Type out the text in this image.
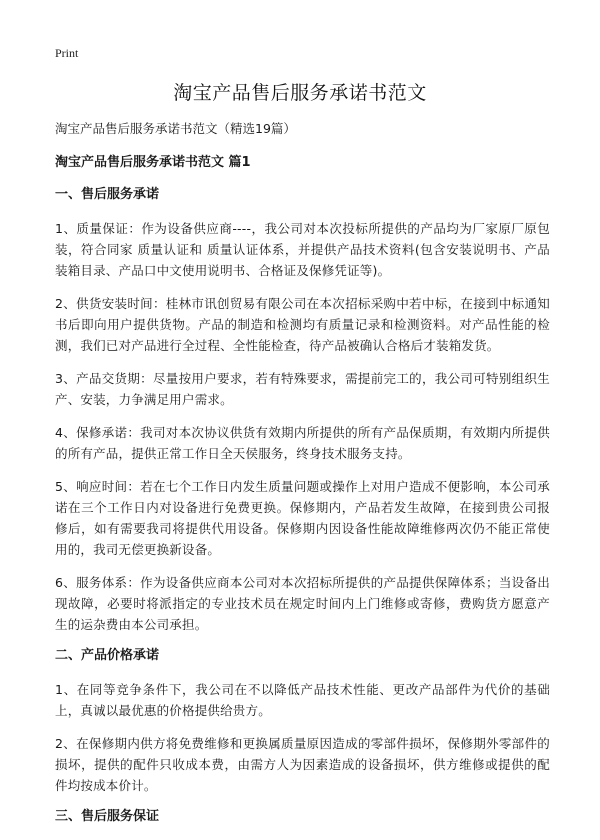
Print
淘宝产品售后服务承诺书范文

淘宝产品售后服务承诺书范文（精选19篇）

淘宝产品售后服务承诺书范文 篇1

一、售后服务承诺

1、质量保证：作为设备供应商----，我公司对本次投标所提供的产品均为厂家原厂原包装，符合同家 质量认证和 质量认证体系，并提供产品技术资料(包含安装说明书、产品装箱目录、产品口中文使用说明书、合格证及保修凭证等)。

2、供货安装时间：桂林市讯创贸易有限公司在本次招标采购中若中标，在接到中标通知书后即向用户提供货物。产品的制造和检测均有质量记录和检测资料。对产品性能的检测，我们已对产品进行全过程、全性能检查，待产品被确认合格后才装箱发货。

3、产品交货期：尽量按用户要求，若有特殊要求，需提前完工的，我公司可特别组织生产、安装，力争满足用户需求。

4、保修承诺：我司对本次协议供货有效期内所提供的所有产品保质期，有效期内所提供的所有产品，提供正常工作日全天侯服务，终身技术服务支持。

5、响应时间：若在七个工作日内发生质量问题或操作上对用户造成不便影响，本公司承诺在三个工作日内对设备进行免费更换。保修期内，产品若发生故障，在接到贵公司报修后，如有需要我司将提供代用设备。保修期内因设备性能故障维修两次仍不能正常使用的，我司无偿更换新设备。

6、服务体系：作为设备供应商本公司对本次招标所提供的产品提供保障体系；当设备出现故障，必要时将派指定的专业技术员在规定时间内上门维修或寄修，费购货方愿意产生的运杂费由本公司承担。

二、产品价格承诺

1、在同等竞争条件下，我公司在不以降低产品技术性能、更改产品部件为代价的基础上，真诚以最优惠的价格提供给贵方。

2、在保修期内供方将免费维修和更换属质量原因造成的零部件损坏，保修期外零部件的损坏，提供的配件只收成本费，由需方人为因素造成的设备损坏，供方维修或提供的配件均按成本价计。

三、售后服务保证
